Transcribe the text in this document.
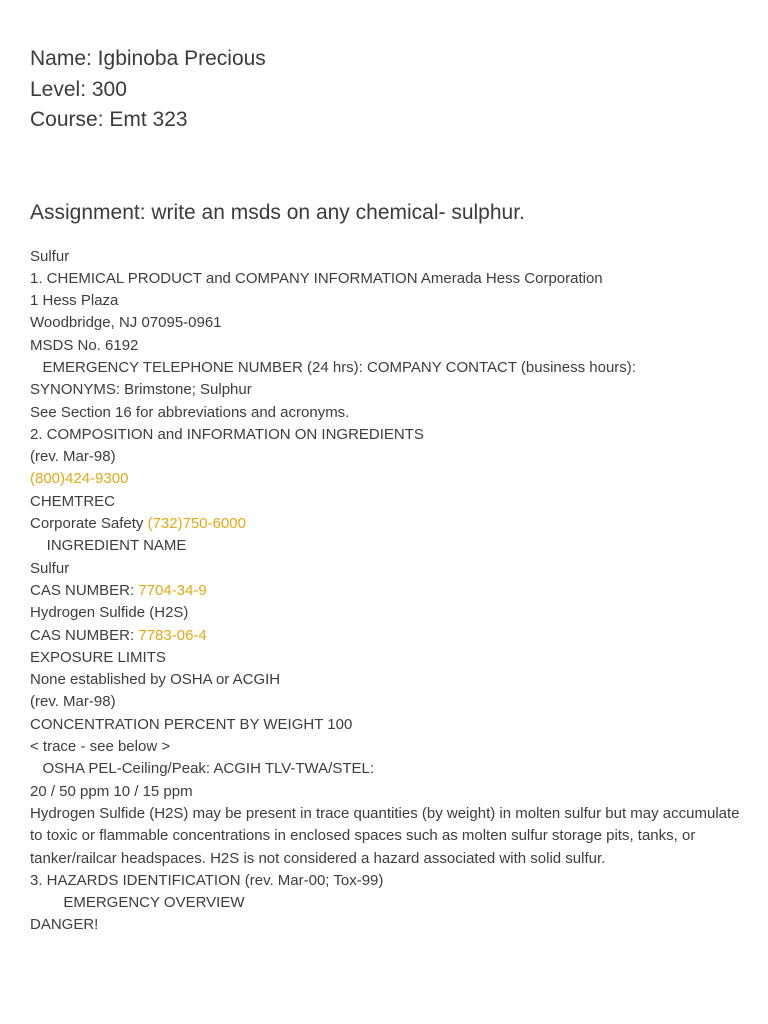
Name: Igbinoba Precious

Level: 300

Course: Emt 323

Assignment: write an msds on any chemical- sulphur.

Sulfur

1. CHEMICAL PRODUCT and COMPANY INFORMATION Amerada Hess Corporation

1 Hess Plaza

Woodbridge, NJ 07095-0961

MSDS No. 6192

EMERGENCY TELEPHONE NUMBER (24 hrs): COMPANY CONTACT (business hours):

SYNONYMS: Brimstone; Sulphur

See Section 16 for abbreviations and acronyms.

2. COMPOSITION and INFORMATION ON INGREDIENTS

(rev. Mar-98)

(800)424-9300

CHEMTREC

Corporate Safety (732)750-6000

INGREDIENT NAME

Sulfur

CAS NUMBER: 7704-34-9

Hydrogen Sulfide (H2S)

CAS NUMBER: 7783-06-4

EXPOSURE LIMITS

None established by OSHA or ACGIH

(rev. Mar-98)

CONCENTRATION PERCENT BY WEIGHT 100

< trace - see below >

OSHA PEL-Ceiling/Peak: ACGIH TLV-TWA/STEL:

20 / 50 ppm 10 / 15 ppm

Hydrogen Sulfide (H2S) may be present in trace quantities (by weight) in molten sulfur but may accumulate to toxic or flammable concentrations in enclosed spaces such as molten sulfur storage pits, tanks, or tanker/railcar headspaces. H2S is not considered a hazard associated with solid sulfur.

3. HAZARDS IDENTIFICATION (rev. Mar-00; Tox-99)

EMERGENCY OVERVIEW

DANGER!
